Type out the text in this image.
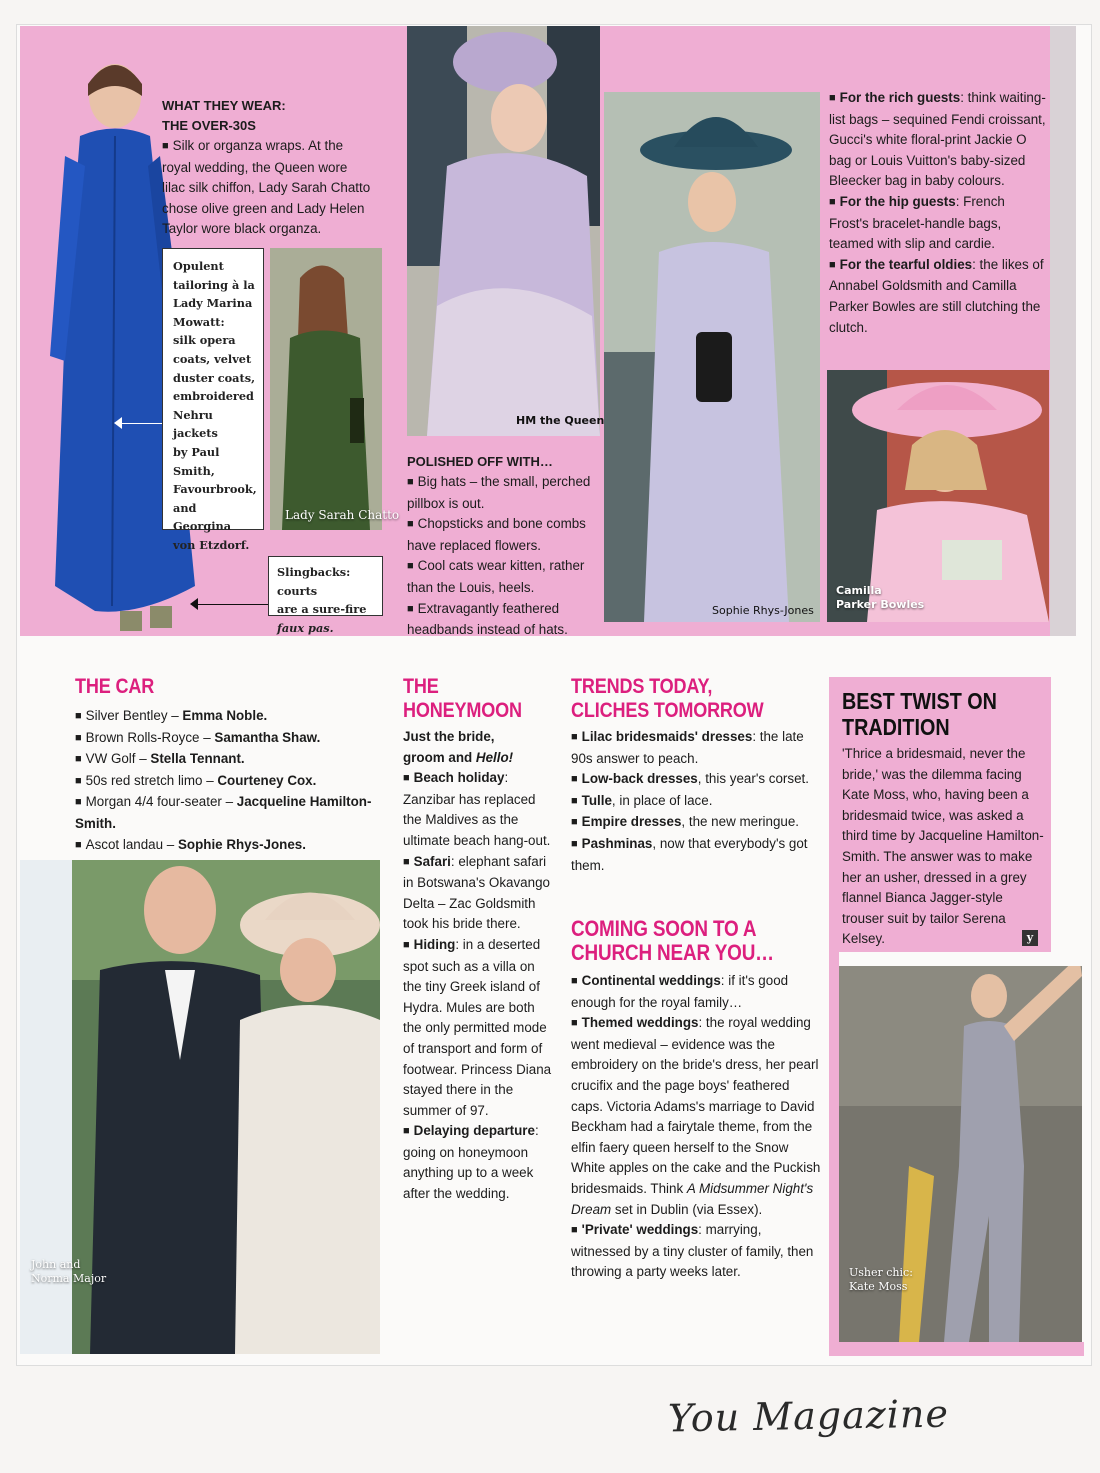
WHAT THEY WEAR:
THE OVER-30S
■ Silk or organza wraps. At the royal wedding, the Queen wore lilac silk chiffon, Lady Sarah Chatto chose olive green and Lady Helen Taylor wore black organza.
Opulent
tailoring à la
Lady Marina
Mowatt:
silk opera
coats, velvet
duster coats,
embroidered
Nehru jackets
by Paul Smith,
Favourbrook,
and Georgina
von Etzdorf.
Lady Sarah Chatto
Slingbacks: courts
are a sure-fire
faux pas.
HM the Queen
POLISHED OFF WITH…
■ Big hats – the small, perched pillbox is out.
■ Chopsticks and bone combs have replaced flowers.
■ Cool cats wear kitten, rather than the Louis, heels.
■ Extravagantly feathered headbands instead of hats.
Sophie Rhys-Jones
■ For the rich guests: think waiting-list bags – sequined Fendi croissant, Gucci's white floral-print Jackie O bag or Louis Vuitton's baby-sized Bleecker bag in baby colours.
■ For the hip guests: French Frost's bracelet-handle bags, teamed with slip and cardie.
■ For the tearful oldies: the likes of Annabel Goldsmith and Camilla Parker Bowles are still clutching the clutch.
Camilla
Parker Bowles
THE CAR
■ Silver Bentley – Emma Noble.
■ Brown Rolls-Royce – Samantha Shaw.
■ VW Golf – Stella Tennant.
■ 50s red stretch limo – Courteney Cox.
■ Morgan 4/4 four-seater – Jacqueline Hamilton-Smith.
■ Ascot landau – Sophie Rhys-Jones.
John and
Norma Major
THE
HONEYMOON
Just the bride,
groom and Hello!
■ Beach holiday: Zanzibar has replaced the Maldives as the ultimate beach hang-out.
■ Safari: elephant safari in Botswana's Okavango Delta – Zac Goldsmith took his bride there.
■ Hiding: in a deserted spot such as a villa on the tiny Greek island of Hydra. Mules are both the only permitted mode of transport and form of footwear. Princess Diana stayed there in the summer of 97.
■ Delaying departure: going on honeymoon anything up to a week after the wedding.
TRENDS TODAY,
CLICHES TOMORROW
■ Lilac bridesmaids' dresses: the late 90s answer to peach.
■ Low-back dresses, this year's corset.
■ Tulle, in place of lace.
■ Empire dresses, the new meringue.
■ Pashminas, now that everybody's got them.
COMING SOON TO A
CHURCH NEAR YOU…
■ Continental weddings: if it's good enough for the royal family…
■ Themed weddings: the royal wedding went medieval – evidence was the embroidery on the bride's dress, her pearl crucifix and the page boys' feathered caps. Victoria Adams's marriage to David Beckham had a fairytale theme, from the elfin faery queen herself to the Snow White apples on the cake and the Puckish bridesmaids. Think A Midsummer Night's Dream set in Dublin (via Essex).
■ 'Private' weddings: marrying, witnessed by a tiny cluster of family, then throwing a party weeks later.
BEST TWIST ON
TRADITION
'Thrice a bridesmaid, never the bride,' was the dilemma facing Kate Moss, who, having been a bridesmaid twice, was asked a third time by Jacqueline Hamilton-Smith. The answer was to make her an usher, dressed in a grey flannel Bianca Jagger-style trouser suit by tailor Serena Kelsey.	y
Usher chic:
Kate Moss
You Magazine
